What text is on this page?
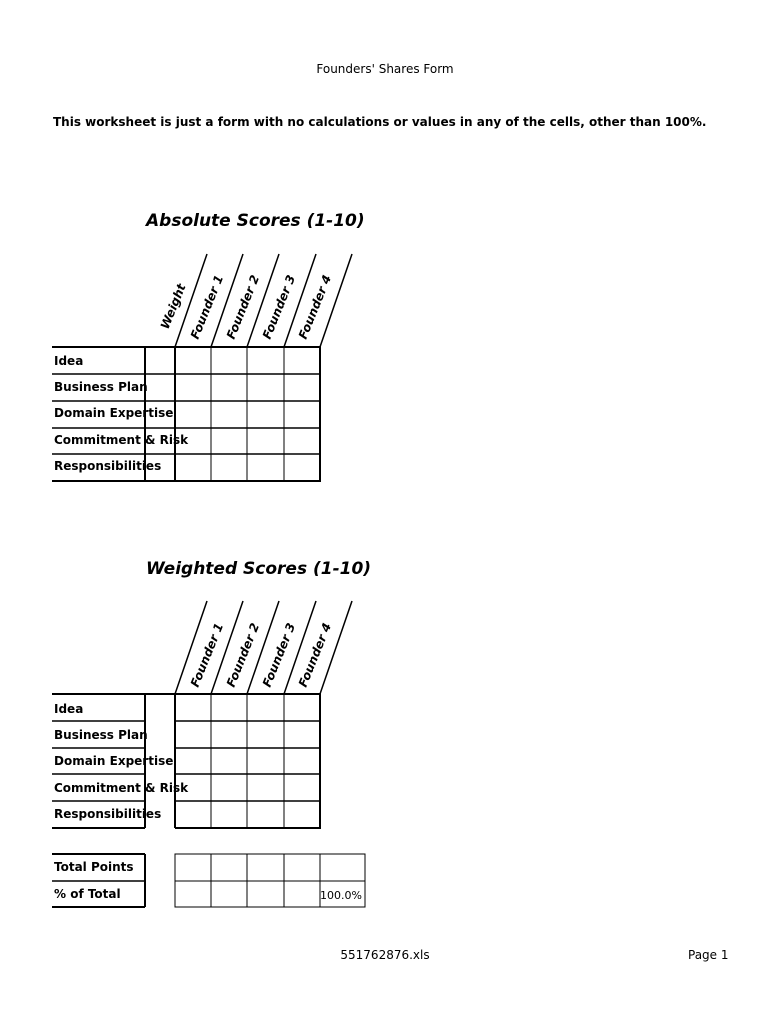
Founders' Shares Form
This worksheet is just a form with no calculations or values in any of the cells, other than 100%.
Absolute Scores (1-10)
Weight Founder 1
Founder 2
Founder 3
Founder 4
Founder 1
Founder 2
Founder 3
Founder 4
100.0%
Idea
Business Plan
Domain Expertise
Commitment & Risk
Responsibilities
Weighted Scores (1-10)
Idea
Business Plan
Domain Expertise
Commitment & Risk
Responsibilities
Total Points
% of Total
551762876.xls	Page 1
